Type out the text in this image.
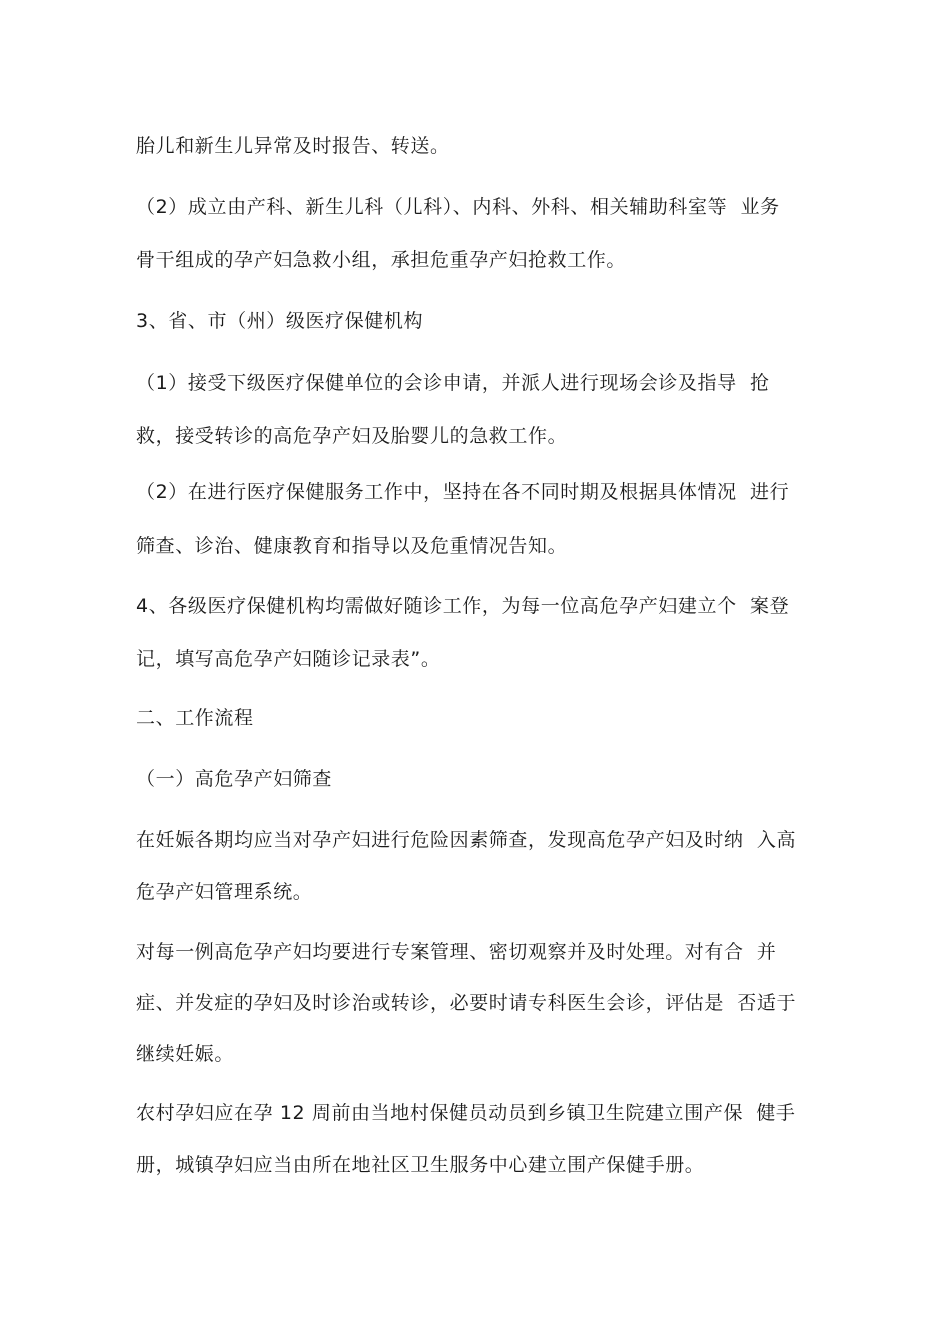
胎儿和新生儿异常及时报告、转送。
（2）成立由产科、新生儿科（儿科）、内科、外科、相关辅助科室等  业务
骨干组成的孕产妇急救小组，承担危重孕产妇抢救工作。
3、省、市（州）级医疗保健机构
（1）接受下级医疗保健单位的会诊申请，并派人进行现场会诊及指导  抢
救，接受转诊的高危孕产妇及胎婴儿的急救工作。
（2）在进行医疗保健服务工作中，坚持在各不同时期及根据具体情况  进行
筛查、诊治、健康教育和指导以及危重情况告知。
4、各级医疗保健机构均需做好随诊工作，为每一位高危孕产妇建立个  案登
记，填写高危孕产妇随诊记录表”。
二、工作流程
（一）高危孕产妇筛查
在妊娠各期均应当对孕产妇进行危险因素筛查，发现高危孕产妇及时纳  入高
危孕产妇管理系统。
对每一例高危孕产妇均要进行专案管理、密切观察并及时处理。对有合  并
症、并发症的孕妇及时诊治或转诊，必要时请专科医生会诊，评估是  否适于
继续妊娠。
农村孕妇应在孕 12 周前由当地村保健员动员到乡镇卫生院建立围产保  健手
册，城镇孕妇应当由所在地社区卫生服务中心建立围产保健手册。
